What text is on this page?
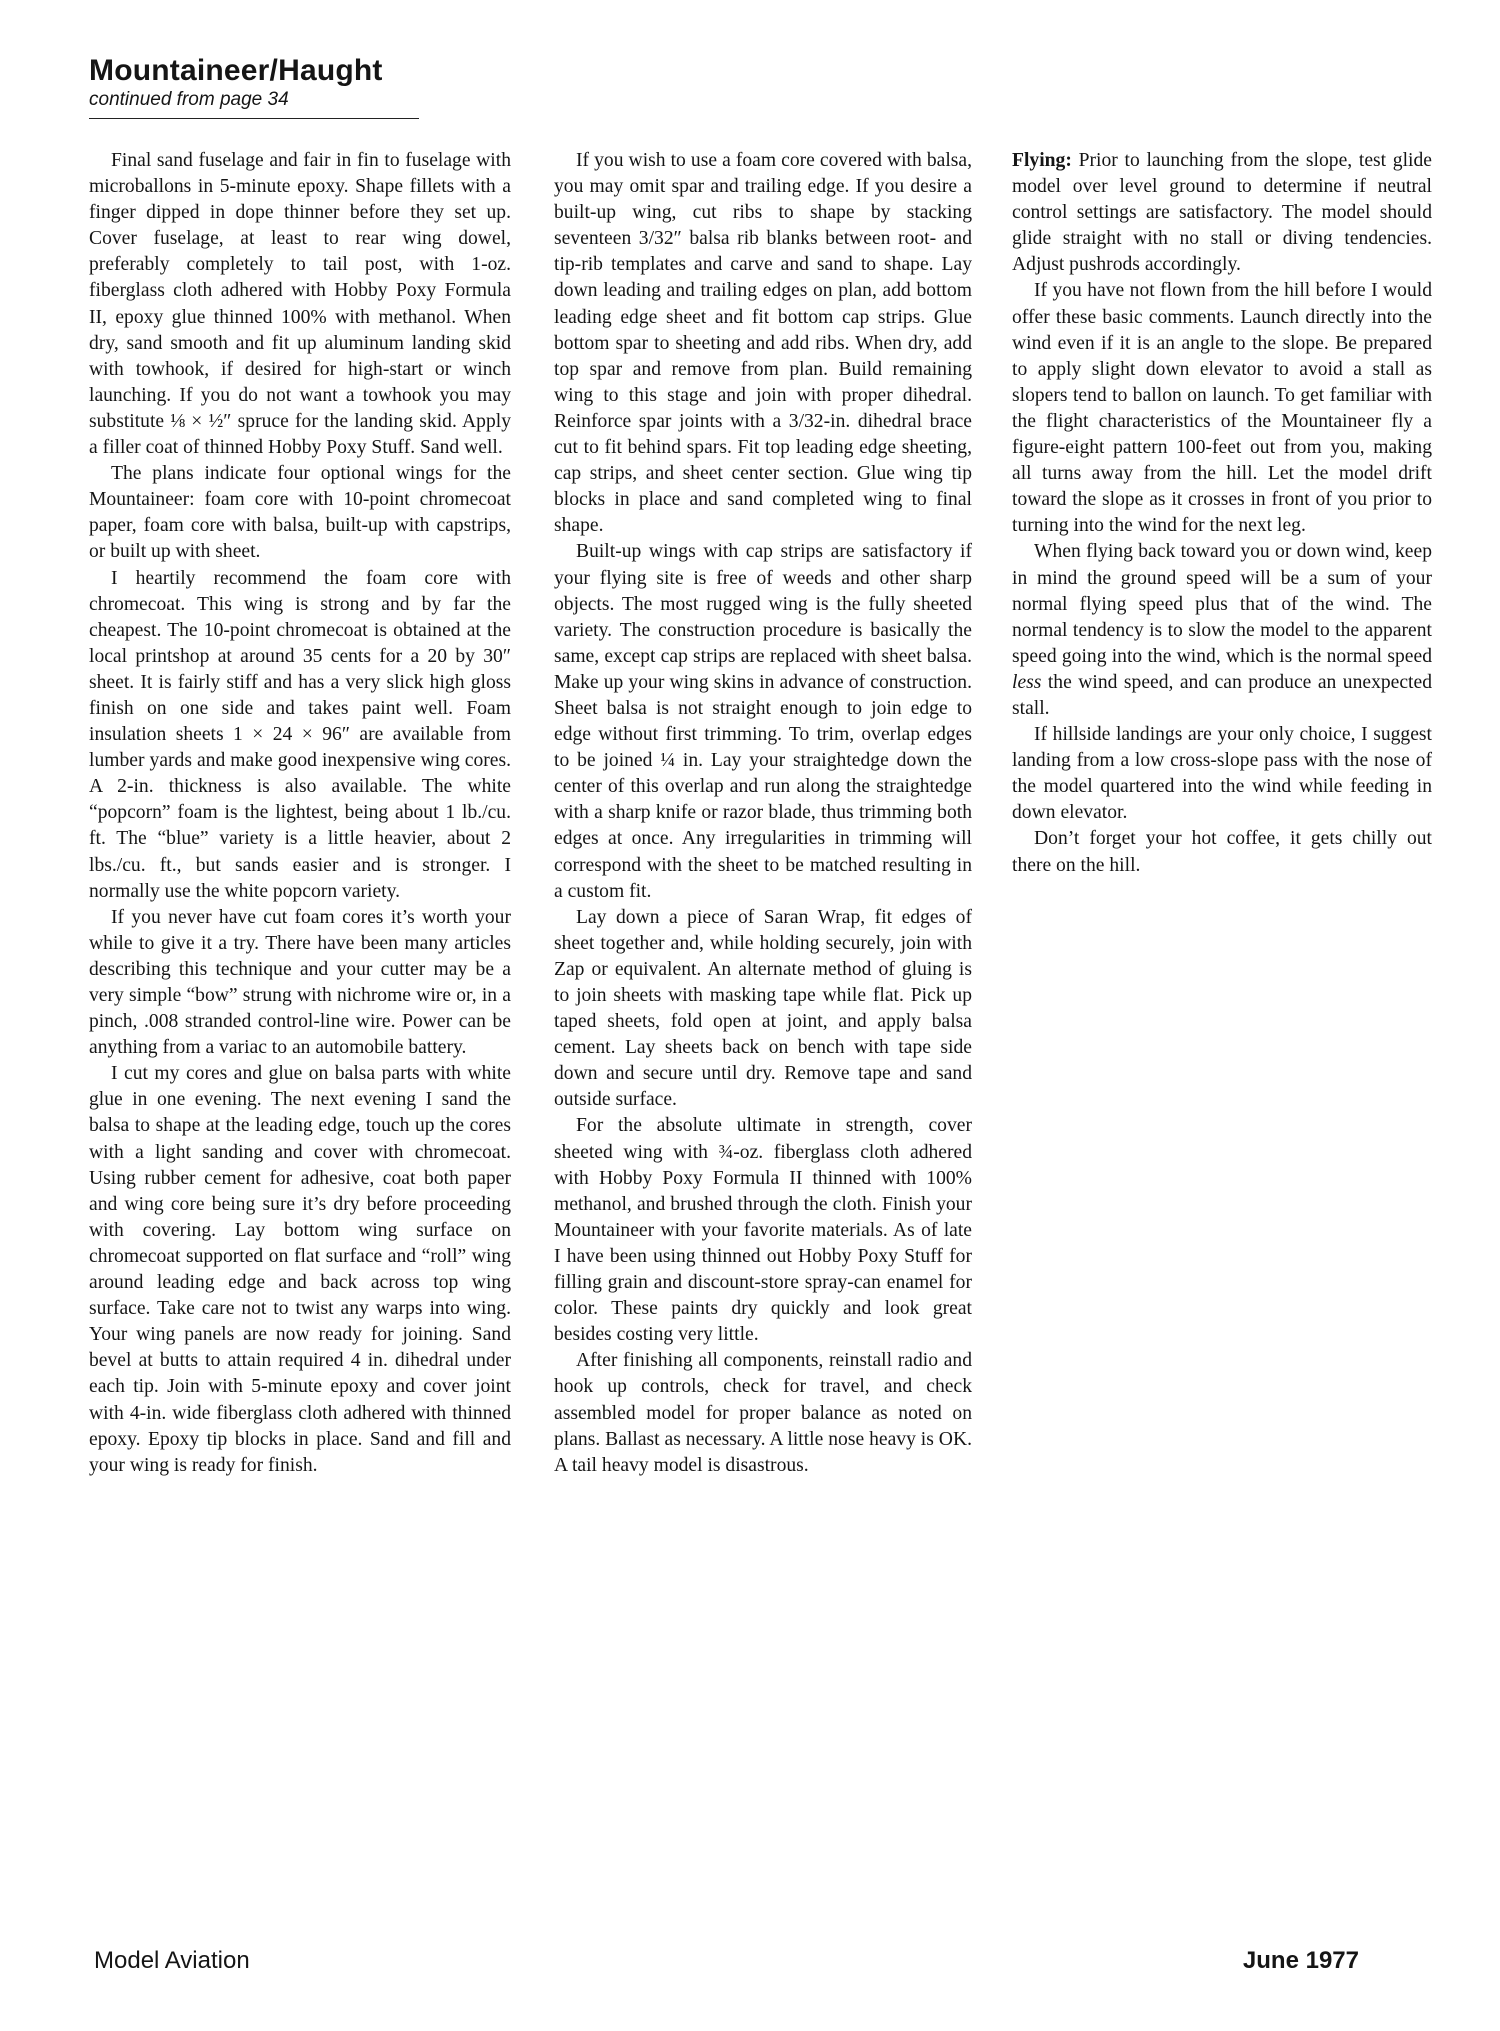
Mountaineer/Haught

continued from page 34

Final sand fuselage and fair in fin to fuselage with microballons in 5-minute epoxy. Shape fillets with a finger dipped in dope thinner before they set up. Cover fuselage, at least to rear wing dowel, preferably completely to tail post, with 1-oz. fiberglass cloth adhered with Hobby Poxy Formula II, epoxy glue thinned 100% with methanol. When dry, sand smooth and fit up aluminum landing skid with towhook, if desired for high-start or winch launching. If you do not want a towhook you may substitute ⅛ × ½″ spruce for the landing skid. Apply a filler coat of thinned Hobby Poxy Stuff. Sand well.

The plans indicate four optional wings for the Mountaineer: foam core with 10-point chromecoat paper, foam core with balsa, built-up with capstrips, or built up with sheet.

I heartily recommend the foam core with chromecoat. This wing is strong and by far the cheapest. The 10-point chromecoat is obtained at the local printshop at around 35 cents for a 20 by 30″ sheet. It is fairly stiff and has a very slick high gloss finish on one side and takes paint well. Foam insulation sheets 1 × 24 × 96″ are available from lumber yards and make good inexpensive wing cores. A 2-in. thickness is also available. The white “popcorn” foam is the lightest, being about 1 lb./cu. ft. The “blue” variety is a little heavier, about 2 lbs./cu. ft., but sands easier and is stronger. I normally use the white popcorn variety.

If you never have cut foam cores it’s worth your while to give it a try. There have been many articles describing this technique and your cutter may be a very simple “bow” strung with nichrome wire or, in a pinch, .008 stranded control-line wire. Power can be anything from a variac to an automobile battery.

I cut my cores and glue on balsa parts with white glue in one evening. The next evening I sand the balsa to shape at the leading edge, touch up the cores with a light sanding and cover with chromecoat. Using rubber cement for adhesive, coat both paper and wing core being sure it’s dry before proceeding with covering. Lay bottom wing surface on chromecoat supported on flat surface and “roll” wing around leading edge and back across top wing surface. Take care not to twist any warps into wing. Your wing panels are now ready for joining. Sand bevel at butts to attain required 4 in. dihedral under each tip. Join with 5-minute epoxy and cover joint with 4-in. wide fiberglass cloth adhered with thinned epoxy. Epoxy tip blocks in place. Sand and fill and your wing is ready for finish.

If you wish to use a foam core covered with balsa, you may omit spar and trailing edge. If you desire a built-up wing, cut ribs to shape by stacking seventeen 3/32″ balsa rib blanks between root- and tip-rib templates and carve and sand to shape. Lay down leading and trailing edges on plan, add bottom leading edge sheet and fit bottom cap strips. Glue bottom spar to sheeting and add ribs. When dry, add top spar and remove from plan. Build remaining wing to this stage and join with proper dihedral. Reinforce spar joints with a 3/32-in. dihedral brace cut to fit behind spars. Fit top leading edge sheeting, cap strips, and sheet center section. Glue wing tip blocks in place and sand completed wing to final shape.

Built-up wings with cap strips are satisfactory if your flying site is free of weeds and other sharp objects. The most rugged wing is the fully sheeted variety. The construction procedure is basically the same, except cap strips are replaced with sheet balsa. Make up your wing skins in advance of construction. Sheet balsa is not straight enough to join edge to edge without first trimming. To trim, overlap edges to be joined ¼ in. Lay your straightedge down the center of this overlap and run along the straightedge with a sharp knife or razor blade, thus trimming both edges at once. Any irregularities in trimming will correspond with the sheet to be matched resulting in a custom fit.

Lay down a piece of Saran Wrap, fit edges of sheet together and, while holding securely, join with Zap or equivalent. An alternate method of gluing is to join sheets with masking tape while flat. Pick up taped sheets, fold open at joint, and apply balsa cement. Lay sheets back on bench with tape side down and secure until dry. Remove tape and sand outside surface.

For the absolute ultimate in strength, cover sheeted wing with ¾-oz. fiberglass cloth adhered with Hobby Poxy Formula II thinned with 100% methanol, and brushed through the cloth. Finish your Mountaineer with your favorite materials. As of late I have been using thinned out Hobby Poxy Stuff for filling grain and discount-store spray-can enamel for color. These paints dry quickly and look great besides costing very little.

After finishing all components, reinstall radio and hook up controls, check for travel, and check assembled model for proper balance as noted on plans. Ballast as necessary. A little nose heavy is OK. A tail heavy model is disastrous.

Flying: Prior to launching from the slope, test glide model over level ground to determine if neutral control settings are satisfactory. The model should glide straight with no stall or diving tendencies. Adjust pushrods accordingly.

If you have not flown from the hill before I would offer these basic comments. Launch directly into the wind even if it is an angle to the slope. Be prepared to apply slight down elevator to avoid a stall as slopers tend to ballon on launch. To get familiar with the flight characteristics of the Mountaineer fly a figure-eight pattern 100-feet out from you, making all turns away from the hill. Let the model drift toward the slope as it crosses in front of you prior to turning into the wind for the next leg.

When flying back toward you or down wind, keep in mind the ground speed will be a sum of your normal flying speed plus that of the wind. The normal tendency is to slow the model to the apparent speed going into the wind, which is the normal speed less the wind speed, and can produce an unexpected stall.

If hillside landings are your only choice, I suggest landing from a low cross-slope pass with the nose of the model quartered into the wind while feeding in down elevator.

Don’t forget your hot coffee, it gets chilly out there on the hill.

Model Aviation	June 1977
